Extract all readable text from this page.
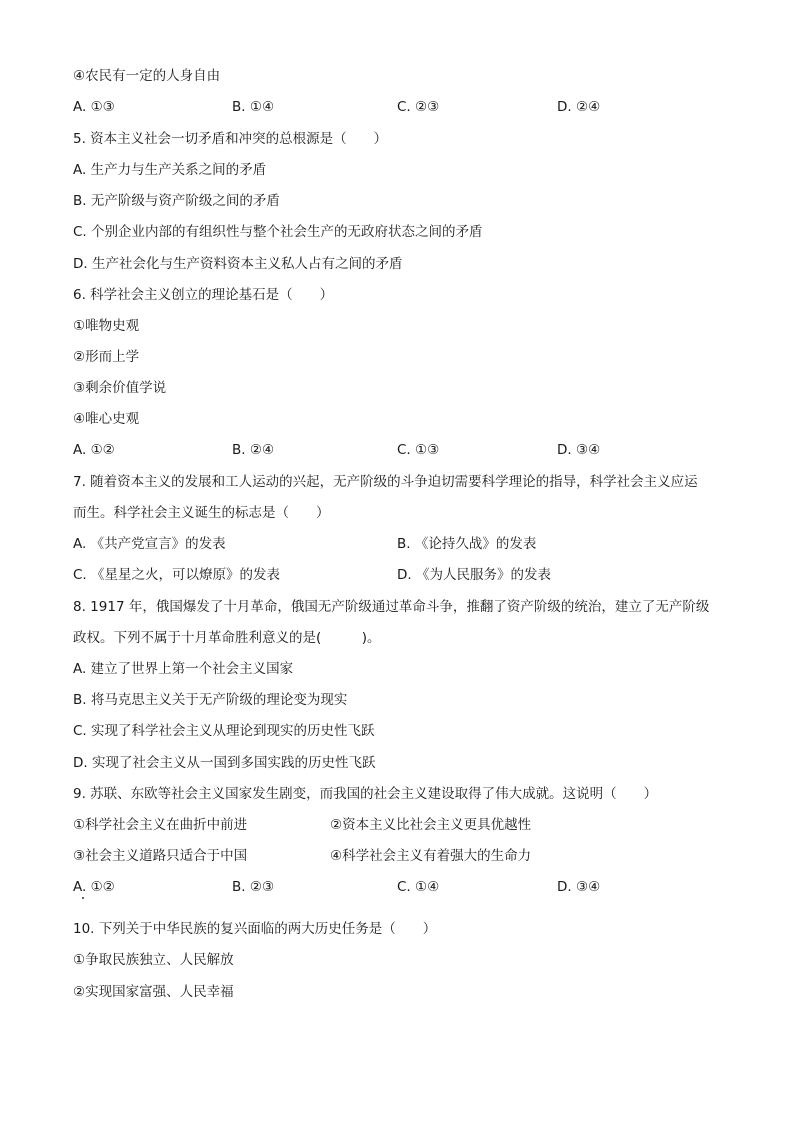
④农民有一定的人身自由
A. ①③	B. ①④	C. ②③	D. ②④
5. 资本主义社会一切矛盾和冲突的总根源是（　　）
A. 生产力与生产关系之间的矛盾
B. 无产阶级与资产阶级之间的矛盾
C. 个别企业内部的有组织性与整个社会生产的无政府状态之间的矛盾
D. 生产社会化与生产资料资本主义私人占有之间的矛盾
6. 科学社会主义创立的理论基石是（　　）
①唯物史观
②形而上学
③剩余价值学说
④唯心史观
A. ①②	B. ②④	C. ①③	D. ③④
7. 随着资本主义的发展和工人运动的兴起，无产阶级的斗争迫切需要科学理论的指导，科学社会主义应运
而生。科学社会主义诞生的标志是（　　）
A. 《共产党宣言》的发表	B. 《论持久战》的发表
C. 《星星之火，可以燎原》的发表	D. 《为人民服务》的发表
8. 1917 年，俄国爆发了十月革命，俄国无产阶级通过革命斗争，推翻了资产阶级的统治，建立了无产阶级
政权。下列不属于十月革命胜利意义的是(　　　)。
A. 建立了世界上第一个社会主义国家
B. 将马克思主义关于无产阶级的理论变为现实
C. 实现了科学社会主义从理论到现实的历史性飞跃
D. 实现了社会主义从一国到多国实践的历史性飞跃
9. 苏联、东欧等社会主义国家发生剧变，而我国的社会主义建设取得了伟大成就。这说明（　　）
①科学社会主义在曲折中前进	②资本主义比社会主义更具优越性
③社会主义道路只适合于中国	④科学社会主义有着强大的生命力
A. ①②	B. ②③	C. ①④	D. ③④
10. 下列关于中华民族的复兴面临的两大历史任务是（　　）
①争取民族独立、人民解放
②实现国家富强、人民幸福
